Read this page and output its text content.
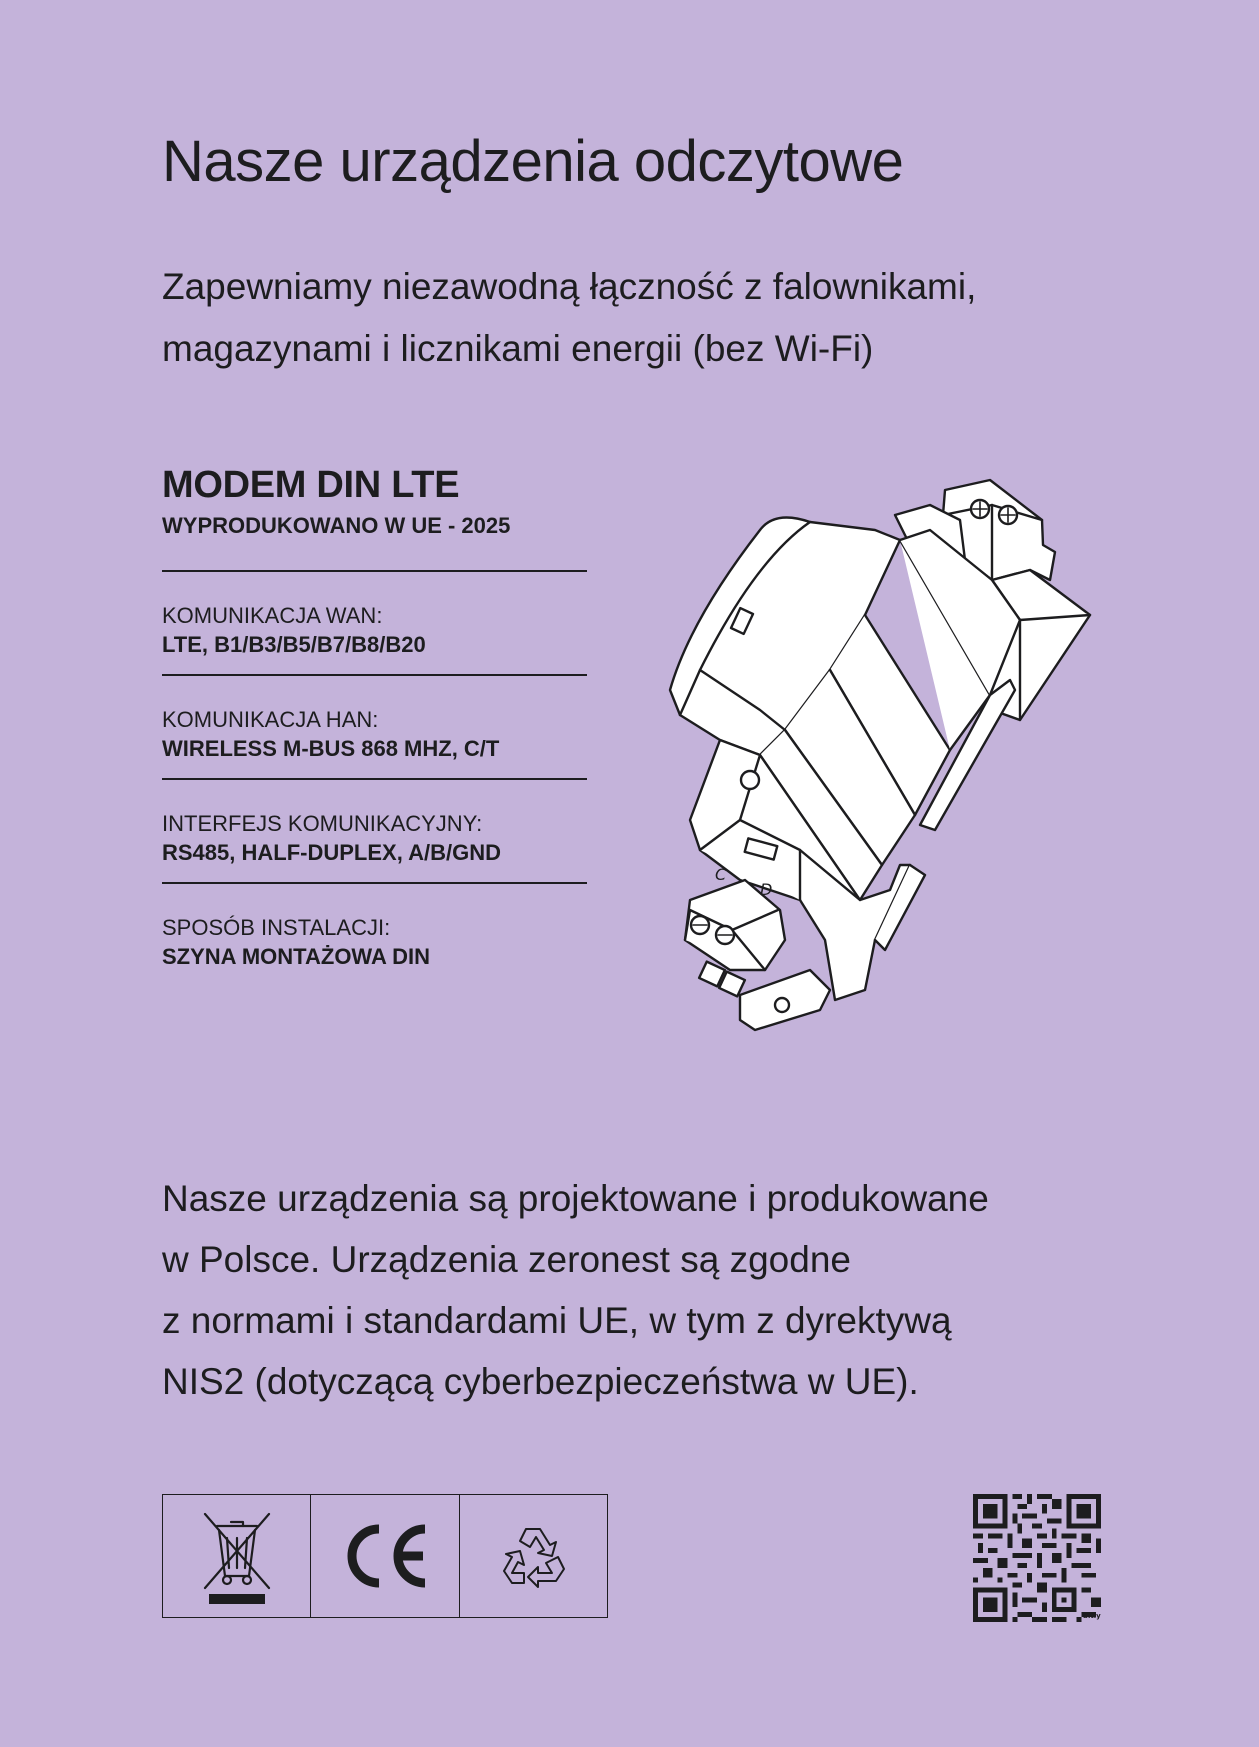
Nasze urządzenia odczytowe

Zapewniamy niezawodną łączność z falownikami,
magazynami i licznikami energii (bez Wi-Fi)

MODEM DIN LTE

WYPRODUKOWANO W UE - 2025

KOMUNIKACJA WAN:

LTE, B1/B3/B5/B7/B8/B20

KOMUNIKACJA HAN:

WIRELESS M-BUS 868 MHZ, C/T

INTERFEJS KOMUNIKACYJNY:

RS485, HALF-DUPLEX, A/B/GND

SPOSÓB INSTALACJI:

SZYNA MONTAŻOWA DIN

C
D

Nasze urządzenia są projektowane i produkowane
w Polsce. Urządzenia zeronest są zgodne
z normami i standardami UE, w tym z dyrektywą
NIS2 (dotyczącą cyberbezpieczeństwa w UE).

bitly
